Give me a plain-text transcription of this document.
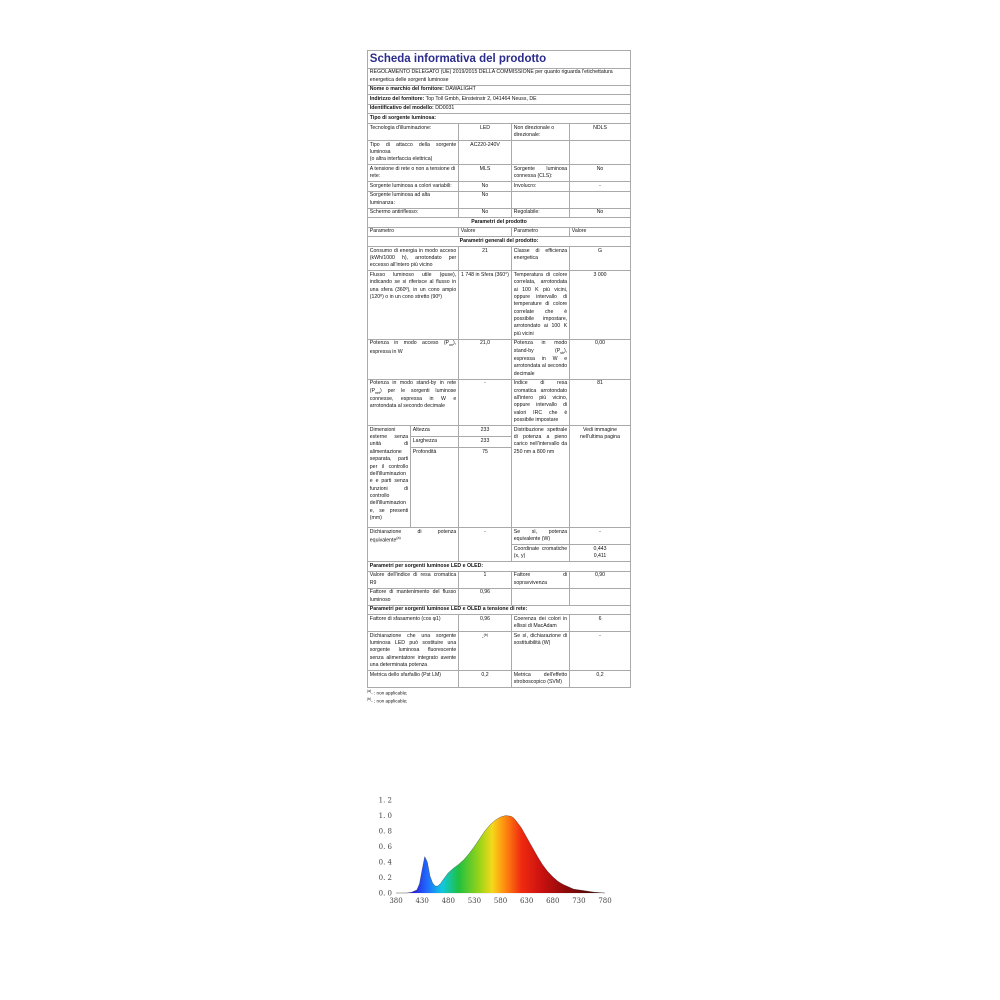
Scheda informativa del prodotto				
REGOLAMENTO DELEGATO (UE) 2019/2015 DELLA COMMISSIONE per quanto riguarda l'etichettatura energetica delle sorgenti luminose				
Nome o marchio del fornitore: DAWALIGHT				
Indirizzo del fornitore: Top Toll Gmbh, Einsteinstr 2, 041464 Neuss, DE				
Identificativo del modello: DD0031				
Tipo di sorgente luminosa:				
Tecnologia d'illuminazione:		LED	Non direzionale o direzionale:	NDLS
Tipo di attacco della sorgente luminosa
(o altra interfaccia elettrica)		AC220-240V		
A tensione di rete o non a tensione di rete:		MLS	Sorgente luminosa connessa (CLS):	No
Sorgente luminosa a colori variabili:		No	Involucro:	-
Sorgente luminosa ad alta luminanza:		No		
Schermo antiriflesso:		No	Regolabile:	No
Parametri del prodotto				
Parametro		Valore	Parametro	Valore
Parametri generali del prodotto:				
Consumo di energia in modo acceso (kWh/1000 h), arrotondato per eccesso all'intero più vicino		21	Classe di efficienza energetica	G
Flusso luminoso utile (φuse), indicando se si riferisce al flusso in una sfera (360º), in un cono ampio (120º) o in un cono stretto (90º)		1 748 in Sfera (360°)	Temperatura di colore correlata, arrotondata ai 100 K più vicini, oppure intervallo di temperature di colore correlate che è possibile impostare, arrotondato ai 100 K più vicini	3 000
Potenza in modo acceso $(P_{on})$, espressa in W		21,0	Potenza in modo stand-by $(P_{sb})$, espressa in W e arrotondata al secondo decimale	0,00
Potenza in modo stand-by in rete $(P_{net})$ per le sorgenti luminose connesse, espressa in W e arrotondata al secondo decimale		-	Indice di resa cromatica arrotondato all'intero più vicino, oppure intervallo di valori IRC che è possibile impostare	81
Dimensioni esterne senza unità di alimentazione separata, parti per il controllo dell'illuminazione e parti senza funzioni di controllo dell'illuminazione, se presenti (mm)	Altezza	233	Distribuzione spettrale di potenza a pieno carico nell'intervallo da 250 nm a 800 nm	Vedi immagine nell'ultima pagina
	Larghezza	233		
	Profondità	75		
Dichiarazione di potenza equivalente$^{(a)}$		-	Se sì, potenza equivalente (W)	-
			Coordinate cromatiche (x, y)	0,443
0,411
Parametri per sorgenti luminose LED e OLED:				
Valore dell'indice di resa cromatica R9		1	Fattore di sopravvivenza	0,90
Fattore di mantenimento del flusso luminoso		0,96		
Parametri per sorgenti luminose LED e OLED a tensione di rete:				
Fattore di sfasamento (cos φ1)		0,96	Coerenza dei colori in ellissi di MacAdam	6
Dichiarazione che una sorgente luminosa LED può sostituire una sorgente luminosa fluorescente senza alimentatore integrato avente una determinata potenza		-$^{(b)}$	Se sì, dichiarazione di sostituibilità (W)	-
Metrica dello sfarfallio (Pst LM)		0,2	Metrica dell'effetto stroboscopico (SVM)	0,2
$^{(a)}$- : non applicable;
$^{(b)}$- : non applicable;
0. 0
0. 2
0. 4
0. 6
0. 8
1. 0
1. 2
380 430 480 530 580 630 680 730 780
